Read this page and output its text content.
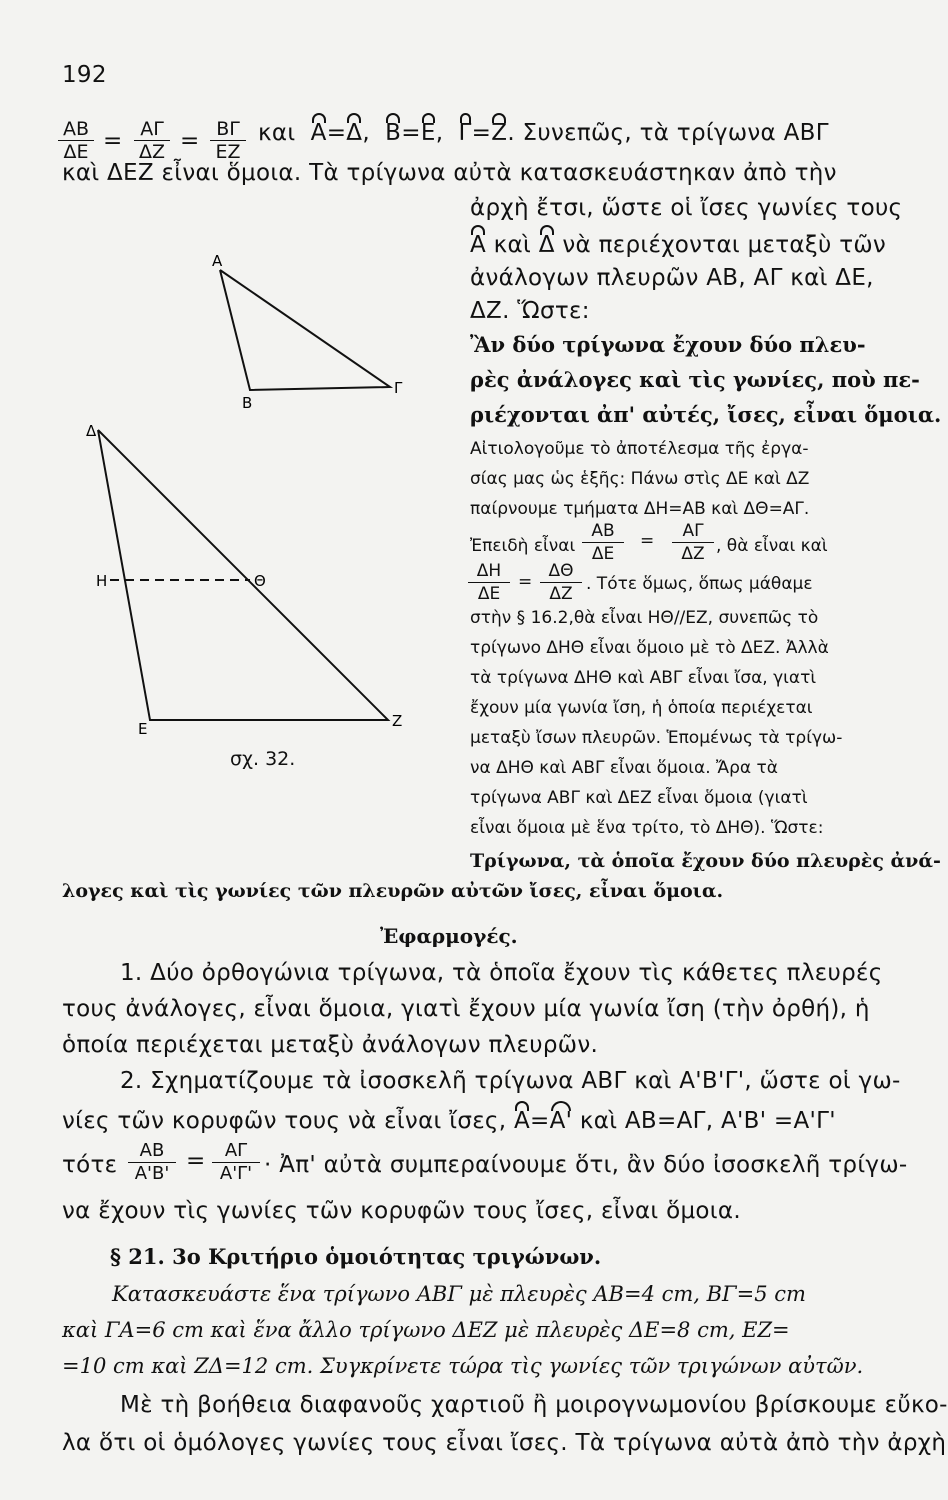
192
$\frac{AB}{\Delta E} = \frac{A\Gamma}{\Delta Z} = \frac{B\Gamma}{EZ}$ και Α=Δ, Β=Ε, Γ=Ζ. Συνεπῶς, τὰ τρίγωνα ΑΒΓ
καὶ ΔΕΖ εἶναι ὅμοια. Τὰ τρίγωνα αὐτὰ κατασκευάστηκαν ἀπὸ τὴν
ἀρχὴ ἔτσι, ὥστε οἱ ἴσες γωνίες τους
Α καὶ Δ νὰ περιέχονται μεταξὺ τῶν
ἀνάλογων πλευρῶν ΑΒ, ΑΓ καὶ ΔΕ,
ΔΖ. Ὥστε:
Ἂν δύο τρίγωνα ἔχουν δύο πλευ-
ρὲς ἀνάλογες καὶ τὶς γωνίες, ποὺ πε-
ριέχονται ἀπ' αὐτές, ἴσες, εἶναι ὅμοια.
Αἰτιολογοῦμε τὸ ἀποτέλεσμα τῆς ἐργα-
σίας μας ὡς ἑξῆς: Πάνω στὶς ΔΕ καὶ ΔΖ
παίρνουμε τμήματα ΔΗ=ΑΒ καὶ ΔΘ=ΑΓ.
Ἐπειδὴ εἶναι $\frac{AB}{\Delta E} = \frac{A\Gamma}{\Delta Z}$ , θὰ εἶναι καὶ
$\frac{\Delta H}{\Delta E} = \frac{\Delta\Theta}{\Delta Z}$ . Τότε ὅμως, ὅπως μάθαμε
στὴν § 16.2,θὰ εἶναι ΗΘ//ΕΖ, συνεπῶς τὸ
τρίγωνο ΔΗΘ εἶναι ὅμοιο μὲ τὸ ΔΕΖ. Ἀλλὰ
τὰ τρίγωνα ΔΗΘ καὶ ΑΒΓ εἶναι ἴσα, γιατὶ
ἔχουν μία γωνία ἴση, ἡ ὁποία περιέχεται
μεταξὺ ἴσων πλευρῶν. Ἑπομένως τὰ τρίγω-
να ΔΗΘ καὶ ΑΒΓ εἶναι ὅμοια. Ἄρα τὰ
τρίγωνα ΑΒΓ καὶ ΔΕΖ εἶναι ὅμοια (γιατὶ
εἶναι ὅμοια μὲ ἕνα τρίτο, τὸ ΔΗΘ). Ὥστε:
Τρίγωνα, τὰ ὁποῖα ἔχουν δύο πλευρὲς ἀνά-
λογες καὶ τὶς γωνίες τῶν πλευρῶν αὐτῶν ἴσες, εἶναι ὅμοια.
Α
Β
Γ
Δ
Η	Θ
Ε	Ζ
σχ. 32.
Ἐφαρμογές.
1. Δύο ὀρθογώνια τρίγωνα, τὰ ὁποῖα ἔχουν τὶς κάθετες πλευρές
τους ἀνάλογες, εἶναι ὅμοια, γιατὶ ἔχουν μία γωνία ἴση (τὴν ὀρθή), ἡ
ὁποία περιέχεται μεταξὺ ἀνάλογων πλευρῶν.
2. Σχηματίζουμε τὰ ἰσοσκελῆ τρίγωνα ΑΒΓ καὶ Α'Β'Γ', ὥστε οἱ γω-
νίες τῶν κορυφῶν τους νὰ εἶναι ἴσες, Α=Α' καὶ ΑΒ=ΑΓ, Α'Β' =Α'Γ'
τότε $\frac{AB}{A'B'} = \frac{A\Gamma}{A'\Gamma'}$ · Ἀπ' αὐτὰ συμπεραίνουμε ὅτι, ἂν δύο ἰσοσκελῆ τρίγω-
να ἔχουν τὶς γωνίες τῶν κορυφῶν τους ἴσες, εἶναι ὅμοια.
§ 21. 3ο Κριτήριο ὁμοιότητας τριγώνων.
Κατασκευάστε ἕνα τρίγωνο ΑΒΓ μὲ πλευρὲς ΑΒ=4 cm, ΒΓ=5 cm
καὶ ΓΑ=6 cm καὶ ἕνα ἄλλο τρίγωνο ΔΕΖ μὲ πλευρὲς ΔΕ=8 cm, ΕΖ=
=10 cm καὶ ΖΔ=12 cm. Συγκρίνετε τώρα τὶς γωνίες τῶν τριγώνων αὐτῶν.
Μὲ τὴ βοήθεια διαφανοῦς χαρτιοῦ ἢ μοιρογνωμονίου βρίσκουμε εὔκο-
λα ὅτι οἱ ὁμόλογες γωνίες τους εἶναι ἴσες. Τὰ τρίγωνα αὐτὰ ἀπὸ τὴν ἀρχὴ
